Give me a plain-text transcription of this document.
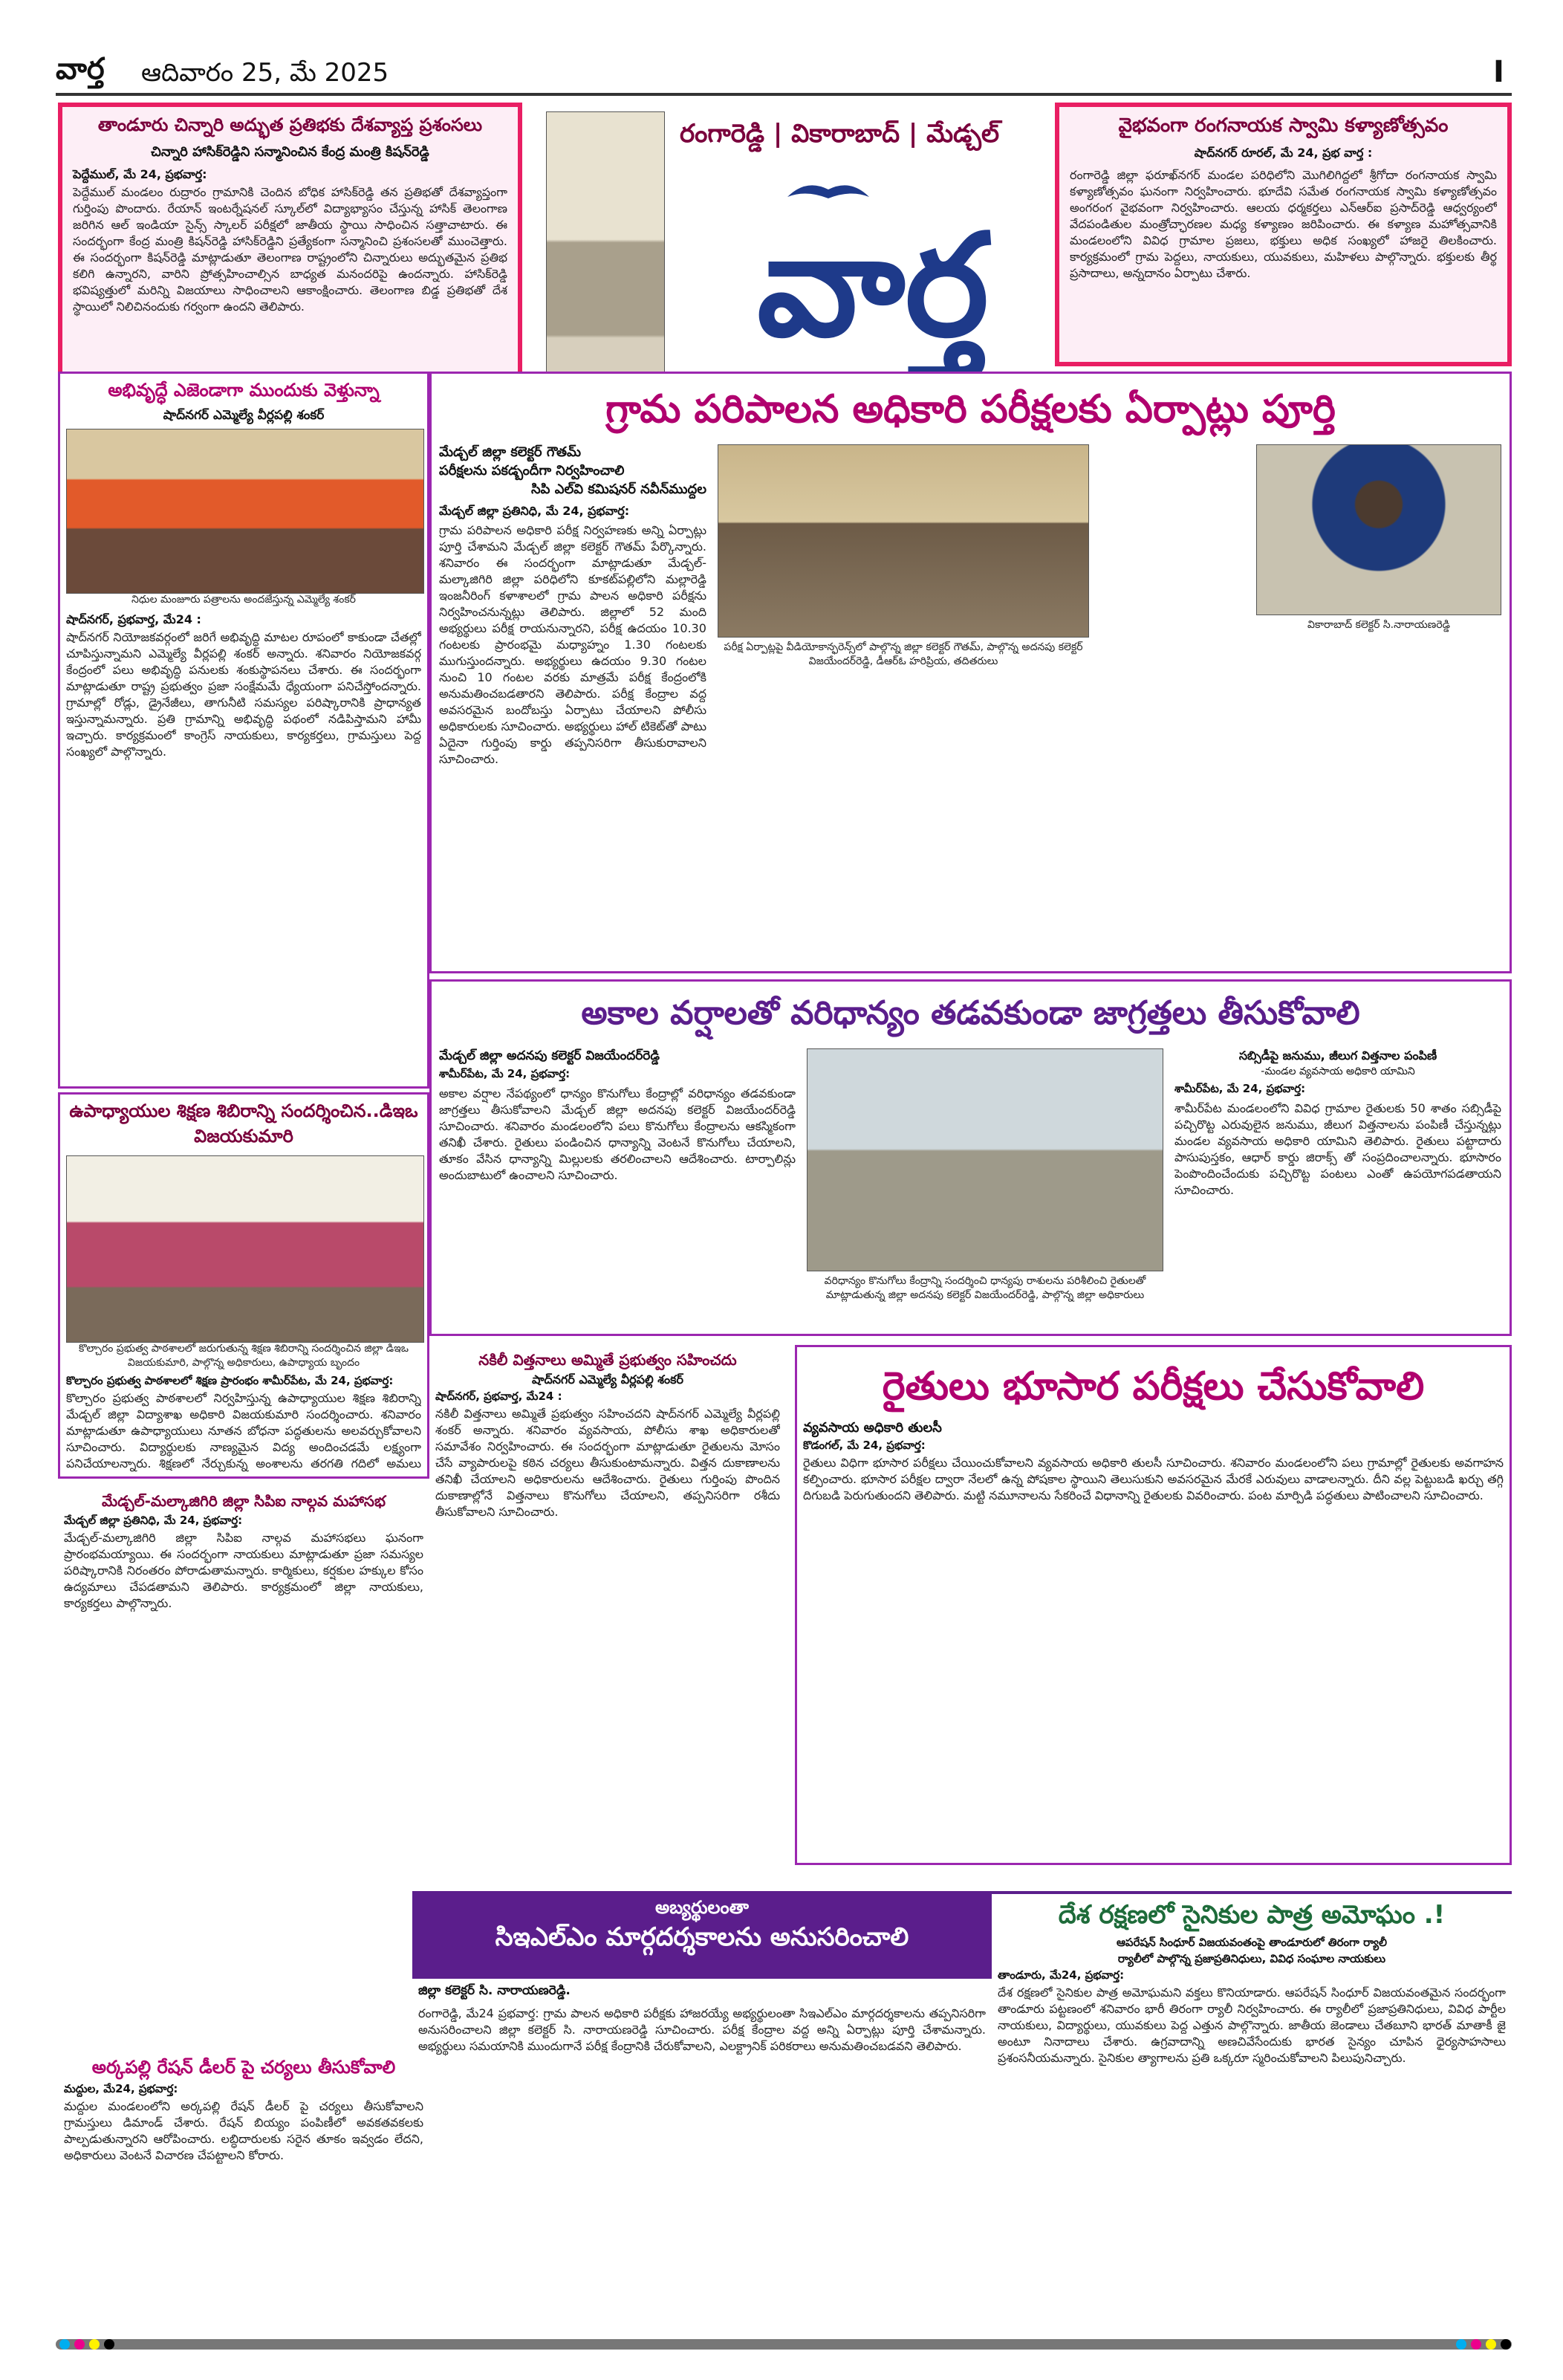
వార్త ఆదివారం 25, మే 2025	I
తాండూరు చిన్నారి అద్భుత ప్రతిభకు దేశవ్యాప్త ప్రశంసలు
చిన్నారి హాసిక్‌రెడ్డిని సన్మానించిన కేంద్ర మంత్రి కిషన్‌రెడ్డి
పెద్దేముల్, మే 24, ప్రభవార్త:
పెద్దేముల్ మండలం రుద్రారం గ్రామానికి చెందిన బోధిక హాసిక్‌రెడ్డి తన ప్రతిభతో దేశవ్యాప్తంగా గుర్తింపు పొందారు. రేయాన్ ఇంటర్నేషనల్ స్కూల్‌లో విద్యాభ్యాసం చేస్తున్న హాసిక్ తెలంగాణ జరిగిన ఆల్ ఇండియా సైన్స్ స్కాలర్ పరీక్షలో జాతీయ స్థాయి సాధించిన సత్తాచాటారు. ఈ సందర్భంగా కేంద్ర మంత్రి కిషన్‌రెడ్డి హాసిక్‌రెడ్డిని ప్రత్యేకంగా సన్మానించి ప్రశంసలతో ముంచెత్తారు. ఈ సందర్భంగా కిషన్‌రెడ్డి మాట్లాడుతూ తెలంగాణ రాష్ట్రంలోని చిన్నారులు అద్భుతమైన ప్రతిభ కలిగి ఉన్నారని, వారిని ప్రోత్సహించాల్సిన బాధ్యత మనందరిపై ఉందన్నారు. హాసిక్‌రెడ్డి భవిష్యత్తులో మరిన్ని విజయాలు సాధించాలని ఆకాంక్షించారు. తెలంగాణ బిడ్డ ప్రతిభతో దేశ స్థాయిలో నిలిచినందుకు గర్వంగా ఉందని తెలిపారు.
రంగారెడ్డి | వికారాబాద్ | మేడ్చల్
వార్త
వైభవంగా రంగనాయక స్వామి కళ్యాణోత్సవం
షాద్‌నగర్ రూరల్, మే 24, ప్రభ వార్త :
రంగారెడ్డి జిల్లా ఫరూఖ్‌నగర్ మండల పరిధిలోని మొగిలిగిద్దలో శ్రీగోదా రంగనాయక స్వామి కళ్యాణోత్సవం ఘనంగా నిర్వహించారు. భూదేవి సమేత రంగనాయక స్వామి కళ్యాణోత్సవం అంగరంగ వైభవంగా నిర్వహించారు. ఆలయ ధర్మకర్తలు ఎన్‌ఆర్ఐ ప్రసాద్‌రెడ్డి ఆధ్వర్యంలో వేదపండితుల మంత్రోచ్ఛారణల మధ్య కళ్యాణం జరిపించారు. ఈ కళ్యాణ మహోత్సవానికి మండలంలోని వివిధ గ్రామాల ప్రజలు, భక్తులు అధిక సంఖ్యలో హాజరై తిలకించారు. కార్యక్రమంలో గ్రామ పెద్దలు, నాయకులు, యువకులు, మహిళలు పాల్గొన్నారు. భక్తులకు తీర్థ ప్రసాదాలు, అన్నదానం ఏర్పాటు చేశారు.
అభివృద్ధే ఎజెండాగా ముందుకు వెళ్తున్నా
షాద్‌నగర్ ఎమ్మెల్యే వీర్లపల్లి శంకర్
నిధుల మంజూరు పత్రాలను అందజేస్తున్న ఎమ్మెల్యే శంకర్
షాద్‌నగర్, ప్రభవార్త, మే24 :
షాద్‌నగర్ నియోజకవర్గంలో జరిగే అభివృద్ధి మాటల రూపంలో కాకుండా చేతల్లో చూపిస్తున్నామని ఎమ్మెల్యే వీర్లపల్లి శంకర్ అన్నారు. శనివారం నియోజకవర్గ కేంద్రంలో పలు అభివృద్ధి పనులకు శంకుస్థాపనలు చేశారు. ఈ సందర్భంగా మాట్లాడుతూ రాష్ట్ర ప్రభుత్వం ప్రజా సంక్షేమమే ధ్యేయంగా పనిచేస్తోందన్నారు. గ్రామాల్లో రోడ్లు, డ్రైనేజీలు, తాగునీటి సమస్యల పరిష్కారానికి ప్రాధాన్యత ఇస్తున్నామన్నారు. ప్రతి గ్రామాన్ని అభివృద్ధి పథంలో నడిపిస్తామని హామీ ఇచ్చారు. కార్యక్రమంలో కాంగ్రెస్ నాయకులు, కార్యకర్తలు, గ్రామస్తులు పెద్ద సంఖ్యలో పాల్గొన్నారు.
గ్రామ పరిపాలన అధికారి పరీక్షలకు ఏర్పాట్లు పూర్తి
మేడ్చల్ జిల్లా కలెక్టర్ గౌతమ్
పరీక్షలను పకడ్బందీగా నిర్వహించాలి
సిపి ఎల్‌వి కమిషనర్ నవీన్‌ముద్దల
మేడ్చల్ జిల్లా ప్రతినిధి, మే 24, ప్రభవార్త:
గ్రామ పరిపాలన అధికారి పరీక్ష నిర్వహణకు అన్ని ఏర్పాట్లు పూర్తి చేశామని మేడ్చల్ జిల్లా కలెక్టర్ గౌతమ్ పేర్కొన్నారు. శనివారం ఈ సందర్భంగా మాట్లాడుతూ మేడ్చల్-మల్కాజిగిరి జిల్లా పరిధిలోని కూకట్‌పల్లిలోని మల్లారెడ్డి ఇంజనీరింగ్ కళాశాలలో గ్రామ పాలన అధికారి పరీక్షను నిర్వహించనున్నట్లు తెలిపారు. జిల్లాలో 52 మంది అభ్యర్థులు పరీక్ష రాయనున్నారని, పరీక్ష ఉదయం 10.30 గంటలకు ప్రారంభమై మధ్యాహ్నం 1.30 గంటలకు ముగుస్తుందన్నారు. అభ్యర్థులు ఉదయం 9.30 గంటల నుంచి 10 గంటల వరకు మాత్రమే పరీక్ష కేంద్రంలోకి అనుమతించబడతారని తెలిపారు. పరీక్ష కేంద్రాల వద్ద అవసరమైన బందోబస్తు ఏర్పాటు చేయాలని పోలీసు అధికారులకు సూచించారు. అభ్యర్థులు హాల్ టికెట్‌తో పాటు ఏదైనా గుర్తింపు కార్డు తప్పనిసరిగా తీసుకురావాలని సూచించారు.
పరీక్ష ఏర్పాట్లపై వీడియోకాన్ఫరెన్స్‌లో పాల్గొన్న జిల్లా కలెక్టర్ గౌతమ్, పాల్గొన్న అదనపు కలెక్టర్ విజయేందర్‌రెడ్డి, డీఆర్‌ఓ హరిప్రియ, తదితరులు
వికారాబాద్ కలెక్టర్ సి.నారాయణరెడ్డి
ఉపాధ్యాయుల శిక్షణ శిబిరాన్ని సందర్శించిన..డిఇఒ విజయకుమారి
కొల్చారం ప్రభుత్వ పాఠశాలలో జరుగుతున్న శిక్షణ శిబిరాన్ని సందర్శించిన జిల్లా డిఇఒ విజయకుమారి, పాల్గొన్న అధికారులు, ఉపాధ్యాయ బృందం
కొల్చారం ప్రభుత్వ పాఠశాలలో శిక్షణ ప్రారంభం శామీర్‌పేట, మే 24, ప్రభవార్త:
కొల్చారం ప్రభుత్వ పాఠశాలలో నిర్వహిస్తున్న ఉపాధ్యాయుల శిక్షణ శిబిరాన్ని మేడ్చల్ జిల్లా విద్యాశాఖ అధికారి విజయకుమారి సందర్శించారు. శనివారం మాట్లాడుతూ ఉపాధ్యాయులు నూతన బోధనా పద్ధతులను అలవర్చుకోవాలని సూచించారు. విద్యార్థులకు నాణ్యమైన విద్య అందించడమే లక్ష్యంగా పనిచేయాలన్నారు. శిక్షణలో నేర్చుకున్న అంశాలను తరగతి గదిలో అమలు
మేడ్చల్-మల్కాజిగిరి జిల్లా సిపిఐ నాల్గవ మహాసభ
మేడ్చల్ జిల్లా ప్రతినిధి, మే 24, ప్రభవార్త:
మేడ్చల్-మల్కాజిగిరి జిల్లా సిపిఐ నాల్గవ మహాసభలు ఘనంగా ప్రారంభమయ్యాయి. ఈ సందర్భంగా నాయకులు మాట్లాడుతూ ప్రజా సమస్యల పరిష్కారానికి నిరంతరం పోరాడుతామన్నారు. కార్మికులు, కర్షకుల హక్కుల కోసం ఉద్యమాలు చేపడతామని తెలిపారు. కార్యక్రమంలో జిల్లా నాయకులు, కార్యకర్తలు పాల్గొన్నారు.
అర్కపల్లి రేషన్ డీలర్ పై చర్యలు తీసుకోవాలి
మద్దుల, మే24, ప్రభవార్త:
మద్దుల మండలంలోని అర్కపల్లి రేషన్ డీలర్ పై చర్యలు తీసుకోవాలని గ్రామస్తులు డిమాండ్ చేశారు. రేషన్ బియ్యం పంపిణీలో అవకతవకలకు పాల్పడుతున్నారని ఆరోపించారు. లబ్ధిదారులకు సరైన తూకం ఇవ్వడం లేదని, అధికారులు వెంటనే విచారణ చేపట్టాలని కోరారు.
అకాల వర్షాలతో వరిధాన్యం తడవకుండా జాగ్రత్తలు తీసుకోవాలి
మేడ్చల్ జిల్లా అదనపు కలెక్టర్ విజయేందర్‌రెడ్డి
శామీర్‌పేట, మే 24, ప్రభవార్త:
అకాల వర్షాల నేపథ్యంలో ధాన్యం కొనుగోలు కేంద్రాల్లో వరిధాన్యం తడవకుండా జాగ్రత్తలు తీసుకోవాలని మేడ్చల్ జిల్లా అదనపు కలెక్టర్ విజయేందర్‌రెడ్డి సూచించారు. శనివారం మండలంలోని పలు కొనుగోలు కేంద్రాలను ఆకస్మికంగా తనిఖీ చేశారు. రైతులు పండించిన ధాన్యాన్ని వెంటనే కొనుగోలు చేయాలని, తూకం వేసిన ధాన్యాన్ని మిల్లులకు తరలించాలని ఆదేశించారు. టార్పాలిన్లు అందుబాటులో ఉంచాలని సూచించారు.
వరిధాన్యం కొనుగోలు కేంద్రాన్ని సందర్శించి ధాన్యపు రాశులను పరిశీలించి రైతులతో మాట్లాడుతున్న జిల్లా అదనపు కలెక్టర్ విజయేందర్‌రెడ్డి, పాల్గొన్న జిల్లా అధికారులు
సబ్సిడీపై జనుము, జీలుగ విత్తనాల పంపిణీ
-మండల వ్యవసాయ అధికారి యామిని
శామీర్‌పేట, మే 24, ప్రభవార్త:
శామీర్‌పేట మండలంలోని వివిధ గ్రామాల రైతులకు 50 శాతం సబ్సిడీపై పచ్చిరొట్ట ఎరువులైన జనుము, జీలుగ విత్తనాలను పంపిణీ చేస్తున్నట్లు మండల వ్యవసాయ అధికారి యామిని తెలిపారు. రైతులు పట్టాదారు పాసుపుస్తకం, ఆధార్ కార్డు జిరాక్స్ తో సంప్రదించాలన్నారు. భూసారం పెంపొందించేందుకు పచ్చిరొట్ట పంటలు ఎంతో ఉపయోగపడతాయని సూచించారు.
నకిలీ విత్తనాలు అమ్మితే ప్రభుత్వం సహించదు
షాద్‌నగర్ ఎమ్మెల్యే వీర్లపల్లి శంకర్
షాద్‌నగర్, ప్రభవార్త, మే24 :
నకిలీ విత్తనాలు అమ్మితే ప్రభుత్వం సహించదని షాద్‌నగర్ ఎమ్మెల్యే వీర్లపల్లి శంకర్ అన్నారు. శనివారం వ్యవసాయ, పోలీసు శాఖ అధికారులతో సమావేశం నిర్వహించారు. ఈ సందర్భంగా మాట్లాడుతూ రైతులను మోసం చేసే వ్యాపారులపై కఠిన చర్యలు తీసుకుంటామన్నారు. విత్తన దుకాణాలను తనిఖీ చేయాలని అధికారులను ఆదేశించారు. రైతులు గుర్తింపు పొందిన దుకాణాల్లోనే విత్తనాలు కొనుగోలు చేయాలని, తప్పనిసరిగా రశీదు తీసుకోవాలని సూచించారు.
రైతులు భూసార పరీక్షలు చేసుకోవాలి
వ్యవసాయ అధికారి తులసీ
కొడంగల్, మే 24, ప్రభవార్త:
రైతులు విధిగా భూసార పరీక్షలు చేయించుకోవాలని వ్యవసాయ అధికారి తులసీ సూచించారు. శనివారం మండలంలోని పలు గ్రామాల్లో రైతులకు అవగాహన కల్పించారు. భూసార పరీక్షల ద్వారా నేలలో ఉన్న పోషకాల స్థాయిని తెలుసుకుని అవసరమైన మేరకే ఎరువులు వాడాలన్నారు. దీని వల్ల పెట్టుబడి ఖర్చు తగ్గి దిగుబడి పెరుగుతుందని తెలిపారు. మట్టి నమూనాలను సేకరించే విధానాన్ని రైతులకు వివరించారు. పంట మార్పిడి పద్ధతులు పాటించాలని సూచించారు.
అబ్యర్థులంతా
సిఇఎల్ఎం మార్గదర్శకాలను అనుసరించాలి
జిల్లా కలెక్టర్ సి. నారాయణరెడ్డి.
రంగారెడ్డి, మే24 ప్రభవార్త: గ్రామ పాలన అధికారి పరీక్షకు హాజరయ్యే అభ్యర్థులంతా సిఇఎల్ఎం మార్గదర్శకాలను తప్పనిసరిగా అనుసరించాలని జిల్లా కలెక్టర్ సి. నారాయణరెడ్డి సూచించారు. పరీక్ష కేంద్రాల వద్ద అన్ని ఏర్పాట్లు పూర్తి చేశామన్నారు. అభ్యర్థులు సమయానికి ముందుగానే పరీక్ష కేంద్రానికి చేరుకోవాలని, ఎలక్ట్రానిక్ పరికరాలు అనుమతించబడవని తెలిపారు.
దేశ రక్షణలో సైనికుల పాత్ర అమోఘం .!
ఆపరేషన్ సింధూర్ విజయవంతంపై తాండూరులో తిరంగా ర్యాలీ
ర్యాలీలో పాల్గొన్న ప్రజాప్రతినిధులు, వివిధ సంఘాల నాయకులు
తాండూరు, మే24, ప్రభవార్త:
దేశ రక్షణలో సైనికుల పాత్ర అమోఘమని వక్తలు కొనియాడారు. ఆపరేషన్ సింధూర్ విజయవంతమైన సందర్భంగా తాండూరు పట్టణంలో శనివారం భారీ తిరంగా ర్యాలీ నిర్వహించారు. ఈ ర్యాలీలో ప్రజాప్రతినిధులు, వివిధ పార్టీల నాయకులు, విద్యార్థులు, యువకులు పెద్ద ఎత్తున పాల్గొన్నారు. జాతీయ జెండాలు చేతబూని భారత్ మాతాకీ జై అంటూ నినాదాలు చేశారు. ఉగ్రవాదాన్ని అణచివేసేందుకు భారత సైన్యం చూపిన ధైర్యసాహసాలు ప్రశంసనీయమన్నారు. సైనికుల త్యాగాలను ప్రతి ఒక్కరూ స్మరించుకోవాలని పిలుపునిచ్చారు.
